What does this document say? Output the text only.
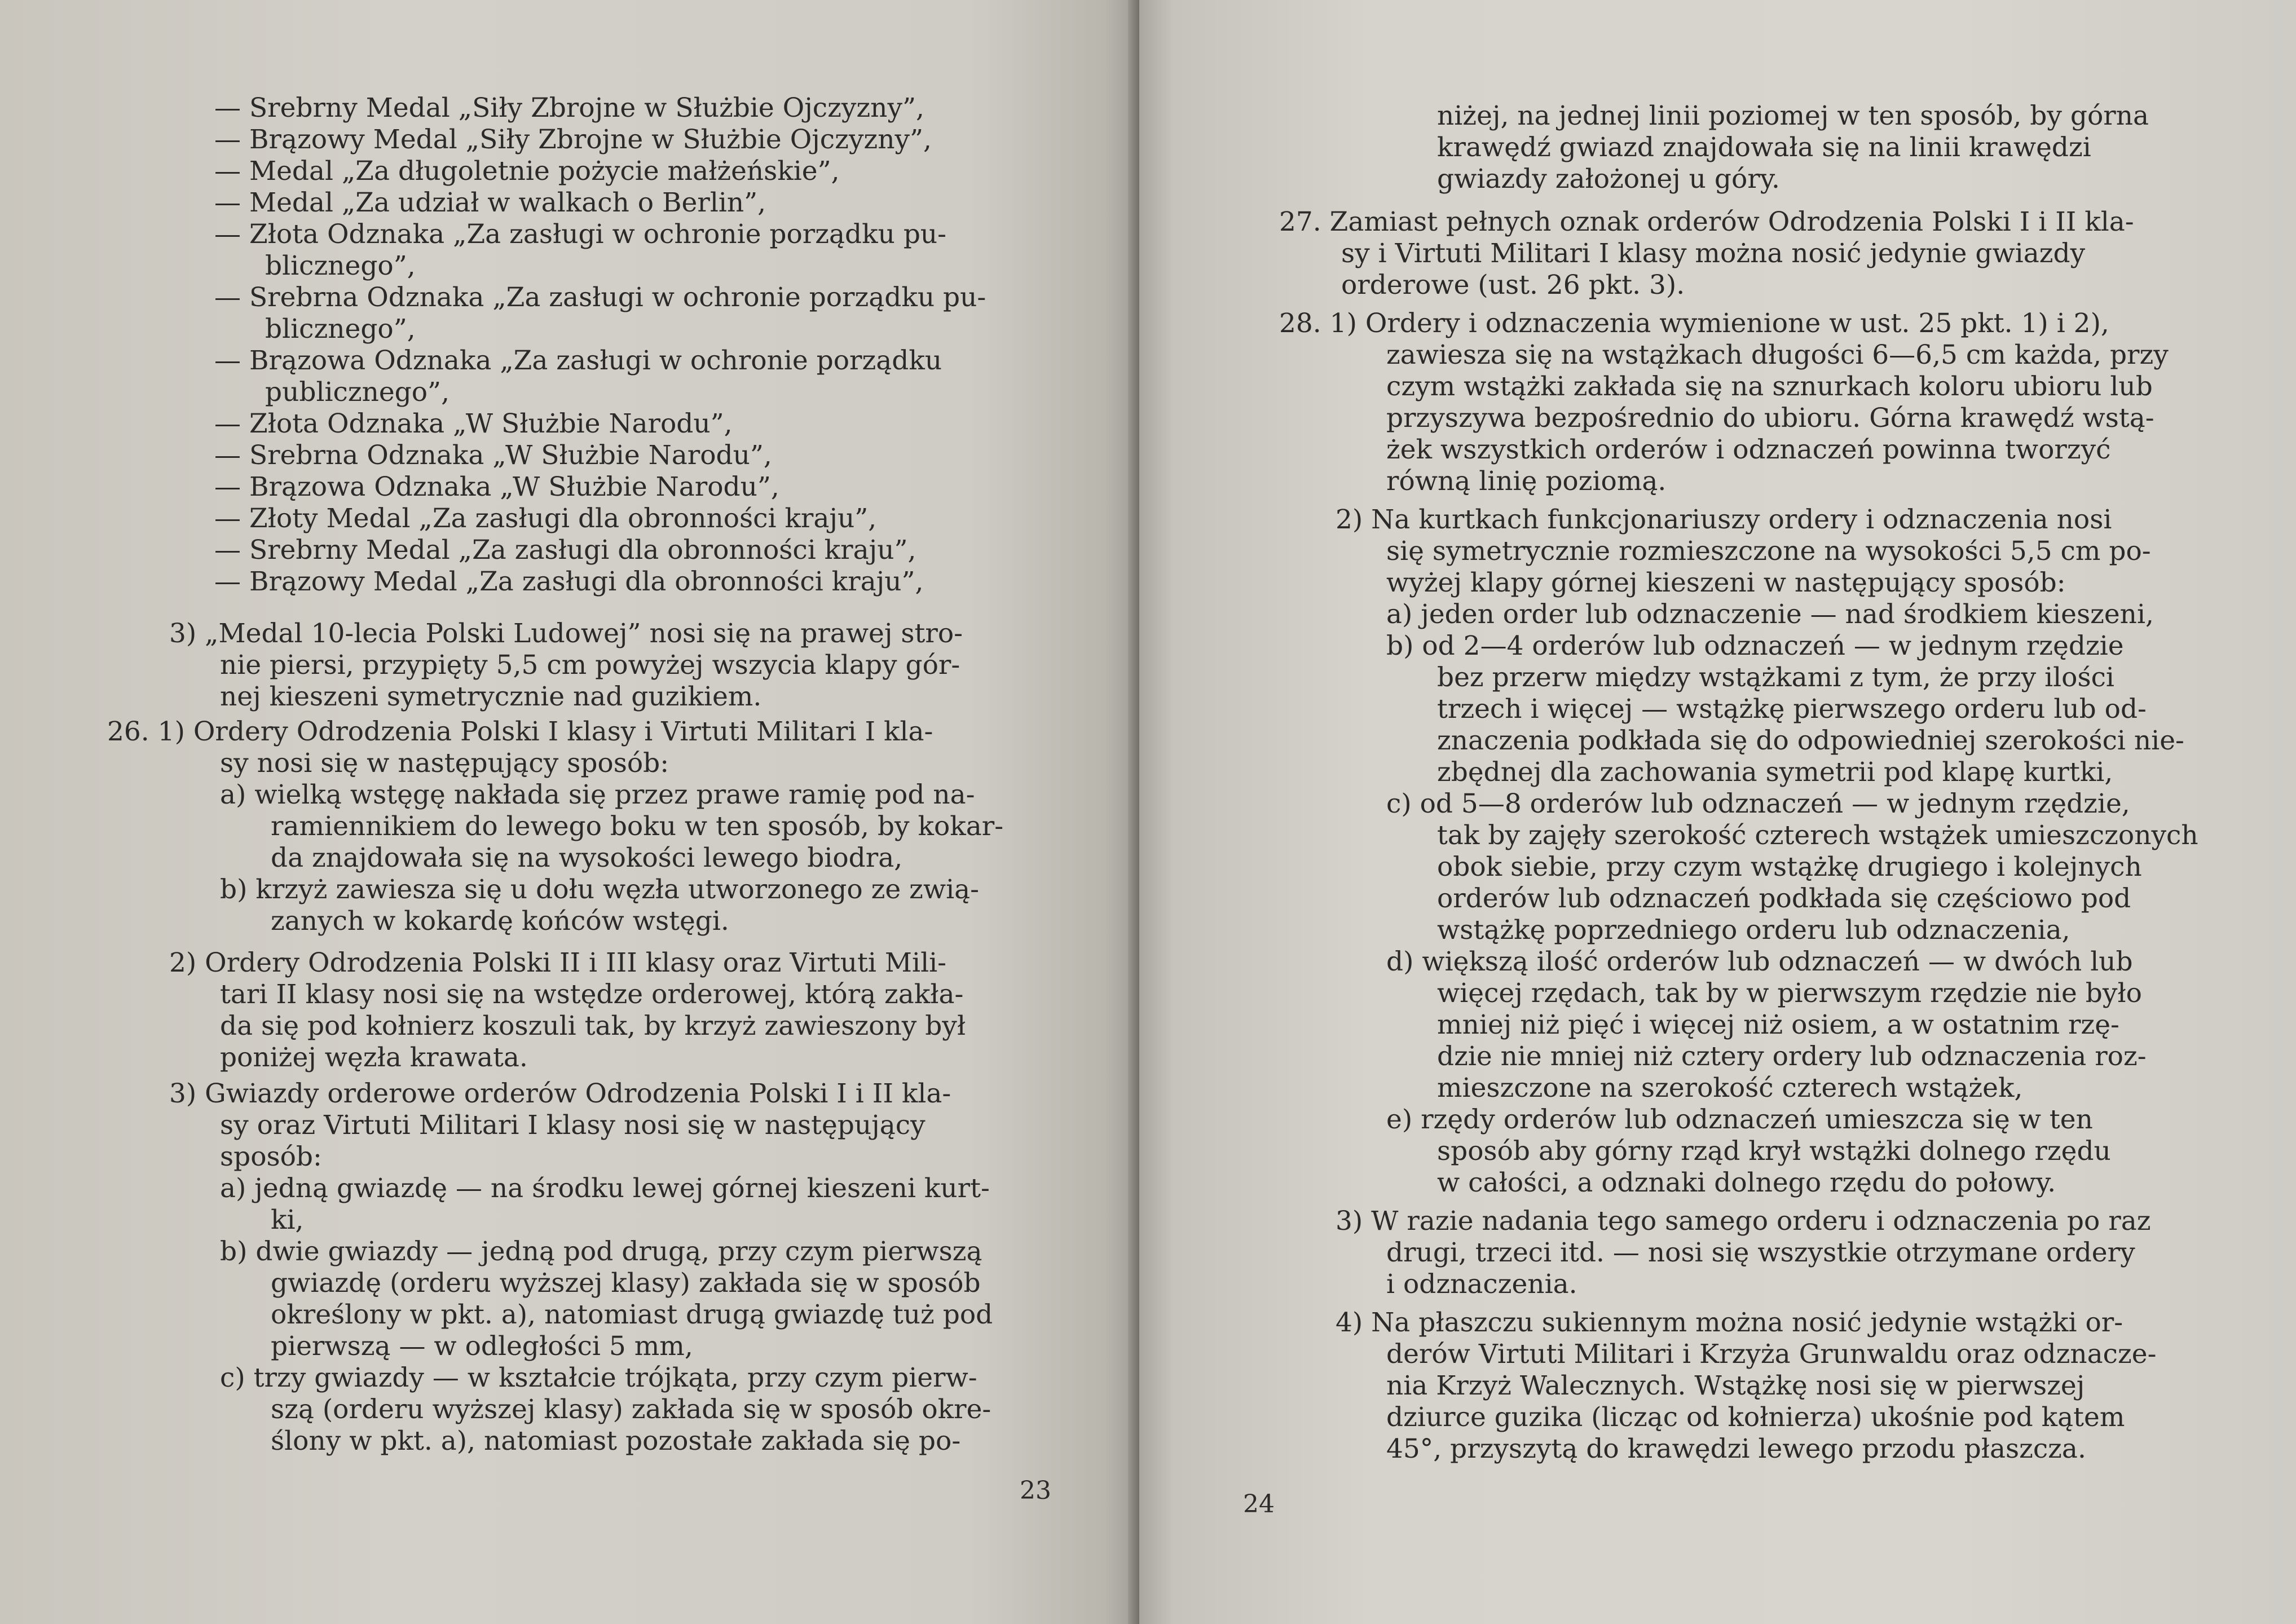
— Srebrny Medal „Siły Zbrojne w Służbie Ojczyzny”,
— Brązowy Medal „Siły Zbrojne w Służbie Ojczyzny”,
— Medal „Za długoletnie pożycie małżeńskie”,
— Medal „Za udział w walkach o Berlin”,
— Złota Odznaka „Za zasługi w ochronie porządku pu-
blicznego”,
— Srebrna Odznaka „Za zasługi w ochronie porządku pu-
blicznego”,
— Brązowa Odznaka „Za zasługi w ochronie porządku
publicznego”,
— Złota Odznaka „W Służbie Narodu”,
— Srebrna Odznaka „W Służbie Narodu”,
— Brązowa Odznaka „W Służbie Narodu”,
— Złoty Medal „Za zasługi dla obronności kraju”,
— Srebrny Medal „Za zasługi dla obronności kraju”,
— Brązowy Medal „Za zasługi dla obronności kraju”,
3) „Medal 10-lecia Polski Ludowej” nosi się na prawej stro-
nie piersi, przypięty 5,5 cm powyżej wszycia klapy gór-
nej kieszeni symetrycznie nad guzikiem.
26. 1) Ordery Odrodzenia Polski I klasy i Virtuti Militari I kla-
sy nosi się w następujący sposób:
a) wielką wstęgę nakłada się przez prawe ramię pod na-
ramiennikiem do lewego boku w ten sposób, by kokar-
da znajdowała się na wysokości lewego biodra,
b) krzyż zawiesza się u dołu węzła utworzonego ze zwią-
zanych w kokardę końców wstęgi.
2) Ordery Odrodzenia Polski II i III klasy oraz Virtuti Mili-
tari II klasy nosi się na wstędze orderowej, którą zakła-
da się pod kołnierz koszuli tak, by krzyż zawieszony był
poniżej węzła krawata.
3) Gwiazdy orderowe orderów Odrodzenia Polski I i II kla-
sy oraz Virtuti Militari I klasy nosi się w następujący
sposób:
a) jedną gwiazdę — na środku lewej górnej kieszeni kurt-
ki,
b) dwie gwiazdy — jedną pod drugą, przy czym pierwszą
gwiazdę (orderu wyższej klasy) zakłada się w sposób
określony w pkt. a), natomiast drugą gwiazdę tuż pod
pierwszą — w odległości 5 mm,
c) trzy gwiazdy — w kształcie trójkąta, przy czym pierw-
szą (orderu wyższej klasy) zakłada się w sposób okre-
ślony w pkt. a), natomiast pozostałe zakłada się po-
23
niżej, na jednej linii poziomej w ten sposób, by górna
krawędź gwiazd znajdowała się na linii krawędzi
gwiazdy założonej u góry.
27. Zamiast pełnych oznak orderów Odrodzenia Polski I i II kla-
sy i Virtuti Militari I klasy można nosić jedynie gwiazdy
orderowe (ust. 26 pkt. 3).
28. 1) Ordery i odznaczenia wymienione w ust. 25 pkt. 1) i 2),
zawiesza się na wstążkach długości 6—6,5 cm każda, przy
czym wstążki zakłada się na sznurkach koloru ubioru lub
przyszywa bezpośrednio do ubioru. Górna krawędź wstą-
żek wszystkich orderów i odznaczeń powinna tworzyć
równą linię poziomą.
2) Na kurtkach funkcjonariuszy ordery i odznaczenia nosi
się symetrycznie rozmieszczone na wysokości 5,5 cm po-
wyżej klapy górnej kieszeni w następujący sposób:
a) jeden order lub odznaczenie — nad środkiem kieszeni,
b) od 2—4 orderów lub odznaczeń — w jednym rzędzie
bez przerw między wstążkami z tym, że przy ilości
trzech i więcej — wstążkę pierwszego orderu lub od-
znaczenia podkłada się do odpowiedniej szerokości nie-
zbędnej dla zachowania symetrii pod klapę kurtki,
c) od 5—8 orderów lub odznaczeń — w jednym rzędzie,
tak by zajęły szerokość czterech wstążek umieszczonych
obok siebie, przy czym wstążkę drugiego i kolejnych
orderów lub odznaczeń podkłada się częściowo pod
wstążkę poprzedniego orderu lub odznaczenia,
d) większą ilość orderów lub odznaczeń — w dwóch lub
więcej rzędach, tak by w pierwszym rzędzie nie było
mniej niż pięć i więcej niż osiem, a w ostatnim rzę-
dzie nie mniej niż cztery ordery lub odznaczenia roz-
mieszczone na szerokość czterech wstążek,
e) rzędy orderów lub odznaczeń umieszcza się w ten
sposób aby górny rząd krył wstążki dolnego rzędu
w całości, a odznaki dolnego rzędu do połowy.
3) W razie nadania tego samego orderu i odznaczenia po raz
drugi, trzeci itd. — nosi się wszystkie otrzymane ordery
i odznaczenia.
4) Na płaszczu sukiennym można nosić jedynie wstążki or-
derów Virtuti Militari i Krzyża Grunwaldu oraz odznacze-
nia Krzyż Walecznych. Wstążkę nosi się w pierwszej
dziurce guzika (licząc od kołnierza) ukośnie pod kątem
45°, przyszytą do krawędzi lewego przodu płaszcza.
24
